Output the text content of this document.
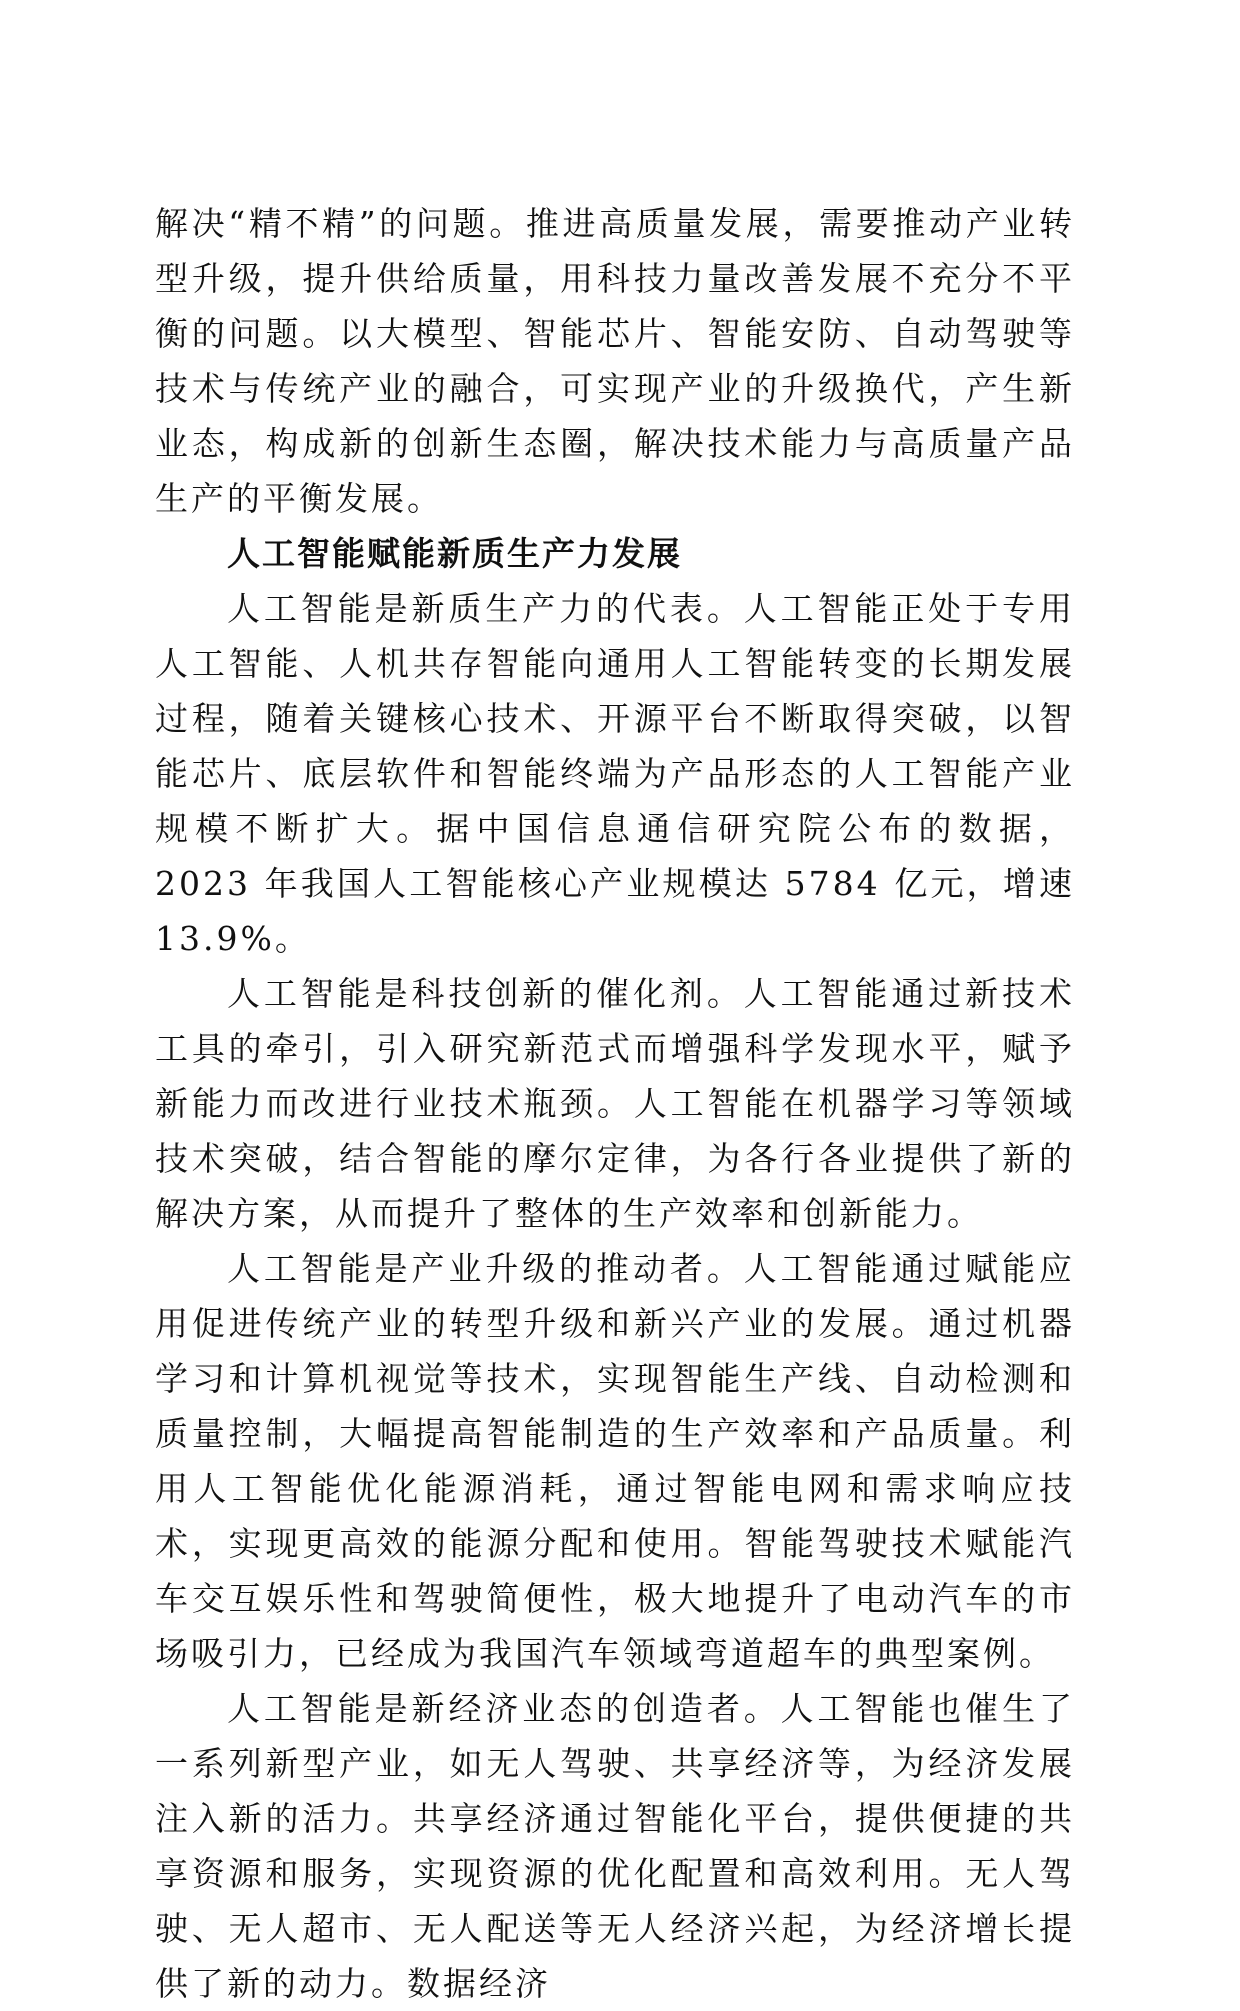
解决“精不精”的问题。推进高质量发展，需要推动产业转型升级，提升供给质量，用科技力量改善发展不充分不平衡的问题。以大模型、智能芯片、智能安防、自动驾驶等技术与传统产业的融合，可实现产业的升级换代，产生新业态，构成新的创新生态圈，解决技术能力与高质量产品生产的平衡发展。

人工智能赋能新质生产力发展

人工智能是新质生产力的代表。人工智能正处于专用人工智能、人机共存智能向通用人工智能转变的长期发展过程，随着关键核心技术、开源平台不断取得突破，以智能芯片、底层软件和智能终端为产品形态的人工智能产业规模不断扩大。据中国信息通信研究院公布的数据，2023 年我国人工智能核心产业规模达 5784 亿元，增速 13.9%。

人工智能是科技创新的催化剂。人工智能通过新技术工具的牵引，引入研究新范式而增强科学发现水平，赋予新能力而改进行业技术瓶颈。人工智能在机器学习等领域技术突破，结合智能的摩尔定律，为各行各业提供了新的解决方案，从而提升了整体的生产效率和创新能力。

人工智能是产业升级的推动者。人工智能通过赋能应用促进传统产业的转型升级和新兴产业的发展。通过机器学习和计算机视觉等技术，实现智能生产线、自动检测和质量控制，大幅提高智能制造的生产效率和产品质量。利用人工智能优化能源消耗，通过智能电网和需求响应技术，实现更高效的能源分配和使用。智能驾驶技术赋能汽车交互娱乐性和驾驶简便性，极大地提升了电动汽车的市场吸引力，已经成为我国汽车领域弯道超车的典型案例。

人工智能是新经济业态的创造者。人工智能也催生了一系列新型产业，如无人驾驶、共享经济等，为经济发展注入新的活力。共享经济通过智能化平台，提供便捷的共享资源和服务，实现资源的优化配置和高效利用。无人驾驶、无人超市、无人配送等无人经济兴起，为经济增长提供了新的动力。数据经济
